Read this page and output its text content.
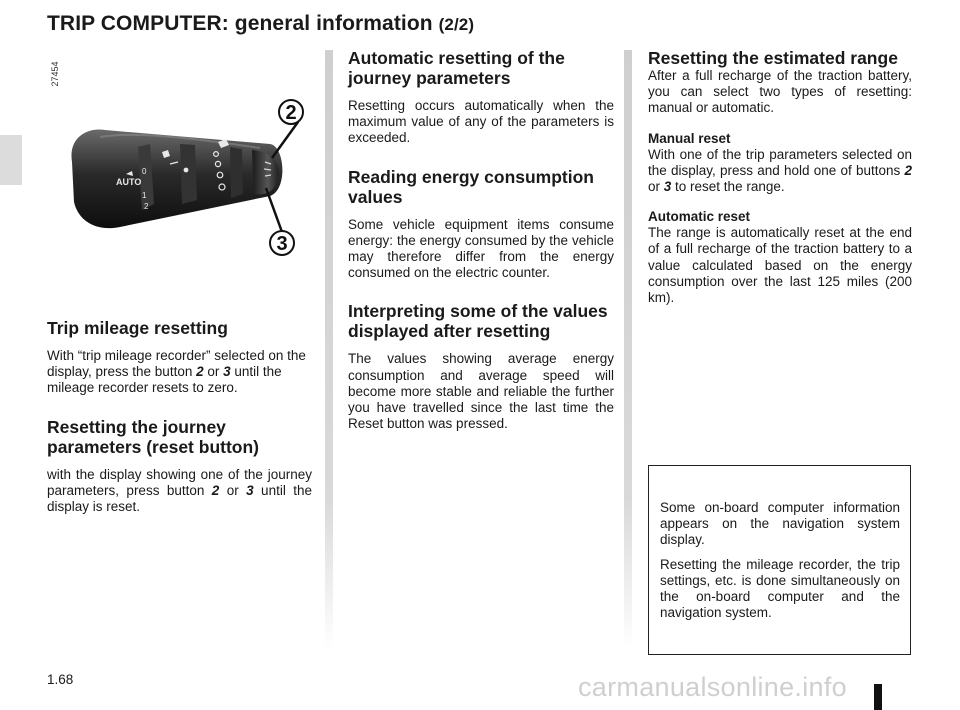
TRIP COMPUTER: general information (2/2)
27454
AUTO
1
2
0
2
3
Trip mileage resetting

With “trip mileage recorder” selected on the display, press the button 2 or 3 until the mileage recorder resets to zero.

Resetting the journey parameters (reset button)

with the display showing one of the journey parameters, press button 2 or 3 until the display is reset.

Automatic resetting of the journey parameters

Resetting occurs automatically when the maximum value of any of the parameters is exceeded.

Reading energy consumption values

Some vehicle equipment items consume energy: the energy consumed by the vehicle may therefore differ from the energy consumed on the electric counter.

Interpreting some of the values displayed after resetting

The values showing average energy consumption and average speed will become more stable and reliable the further you have travelled since the last time the Reset button was pressed.

Resetting the estimated range

After a full recharge of the traction battery, you can select two types of resetting: manual or automatic.

Manual reset

With one of the trip parameters selected on the display, press and hold one of buttons 2 or 3 to reset the range.

Automatic reset

The range is automatically reset at the end of a full recharge of the traction battery to a value calculated based on the energy consumption over the last 125 miles (200 km).

Some on-board computer information appears on the navigation system display.

Resetting the mileage recorder, the trip settings, etc. is done simultaneously on the on-board computer and the navigation system.

1.68	carmanualsonline.info
